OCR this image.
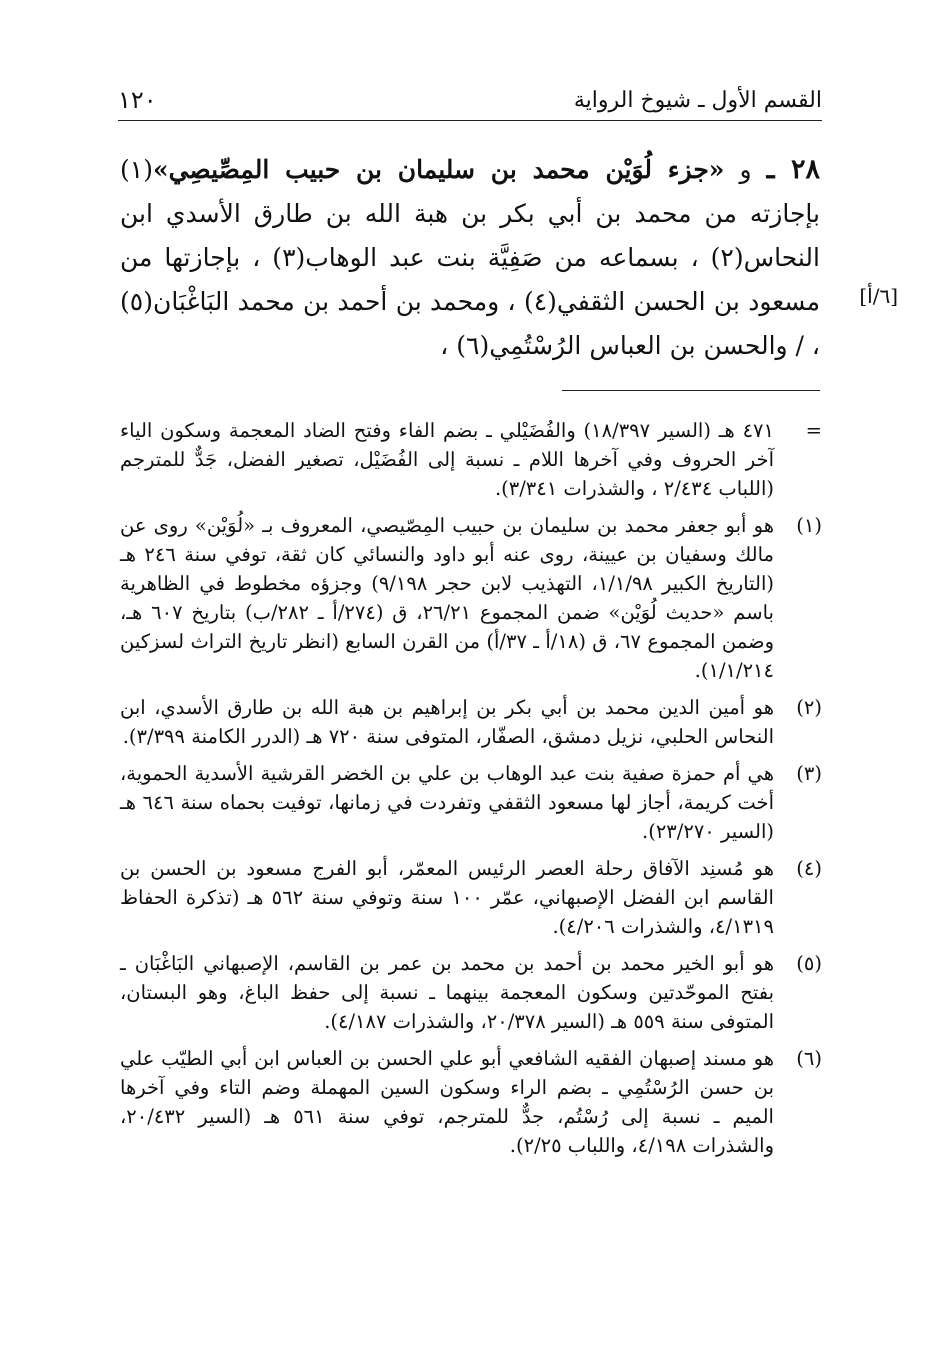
١٢٠	القسم الأول ـ شيوخ الرواية
٢٨ ـ و «جزء لُوَيْن محمد بن سليمان بن حبيب المِصِّيصِي»(١) بإجازته من محمد بن أبي بكر بن هبة الله بن طارق الأسدي ابن النحاس(٢) ، بسماعه من صَفِيَّة بنت عبد الوهاب(٣) ، بإجازتها من مسعود بن الحسن الثقفي(٤) ، ومحمد بن أحمد بن محمد البَاغْبَان(٥) ، / والحسن بن العباس الرُسْتُمِي(٦) ،
[٦/أ]
=
٤٧١ هـ (السير ١٨/٣٩٧) والفُضَيْلي ـ بضم الفاء وفتح الضاد المعجمة وسكون الياء آخر الحروف وفي آخرها اللام ـ نسبة إلى الفُضَيْل، تصغير الفضل، جَدٌّ للمترجم (اللباب ٢/٤٣٤ ، والشذرات ٣/٣٤١).
(١)
هو أبو جعفر محمد بن سليمان بن حبيب المِصّيصي، المعروف بـ «لُوَيْن» روى عن مالك وسفيان بن عيينة، روى عنه أبو داود والنسائي كان ثقة، توفي سنة ٢٤٦ هـ (التاريخ الكبير ١/١/٩٨، التهذيب لابن حجر ٩/١٩٨) وجزؤه مخطوط في الظاهرية باسم «حديث لُوَيْن» ضمن المجموع ٢٦/٢١، ق (٢٧٤/أ ـ ٢٨٢/ب) بتاريخ ٦٠٧ هـ، وضمن المجموع ٦٧، ق (١٨/أ ـ ٣٧/أ) من القرن السابع (انظر تاريخ التراث لسزكين ١/١/٢١٤).
(٢)
هو أمين الدين محمد بن أبي بكر بن إبراهيم بن هبة الله بن طارق الأسدي، ابن النحاس الحلبي، نزيل دمشق، الصفّار، المتوفى سنة ٧٢٠ هـ (الدرر الكامنة ٣/٣٩٩).
(٣)
هي أم حمزة صفية بنت عبد الوهاب بن علي بن الخضر القرشية الأسدية الحموية، أخت كريمة، أجاز لها مسعود الثقفي وتفردت في زمانها، توفيت بحماه سنة ٦٤٦ هـ (السير ٢٣/٢٧٠).
(٤)
هو مُسنِد الآفاق رحلة العصر الرئيس المعمّر، أبو الفرج مسعود بن الحسن بن القاسم ابن الفضل الإصبهاني، عمّر ١٠٠ سنة وتوفي سنة ٥٦٢ هـ (تذكرة الحفاظ ٤/١٣١٩، والشذرات ٤/٢٠٦).
(٥)
هو أبو الخير محمد بن أحمد بن محمد بن عمر بن القاسم، الإصبهاني البَاغْبَان ـ بفتح الموحّدتين وسكون المعجمة بينهما ـ نسبة إلى حفظ الباغ، وهو البستان، المتوفى سنة ٥٥٩ هـ (السير ٢٠/٣٧٨، والشذرات ٤/١٨٧).
(٦)
هو مسند إصبهان الفقيه الشافعي أبو علي الحسن بن العباس ابن أبي الطيّب علي بن حسن الرُسْتُمِي ـ بضم الراء وسكون السين المهملة وضم التاء وفي آخرها الميم ـ نسبة إلى رُسْتُم، جدٌّ للمترجم، توفي سنة ٥٦١ هـ (السير ٢٠/٤٣٢، والشذرات ٤/١٩٨، واللباب ٢/٢٥).
